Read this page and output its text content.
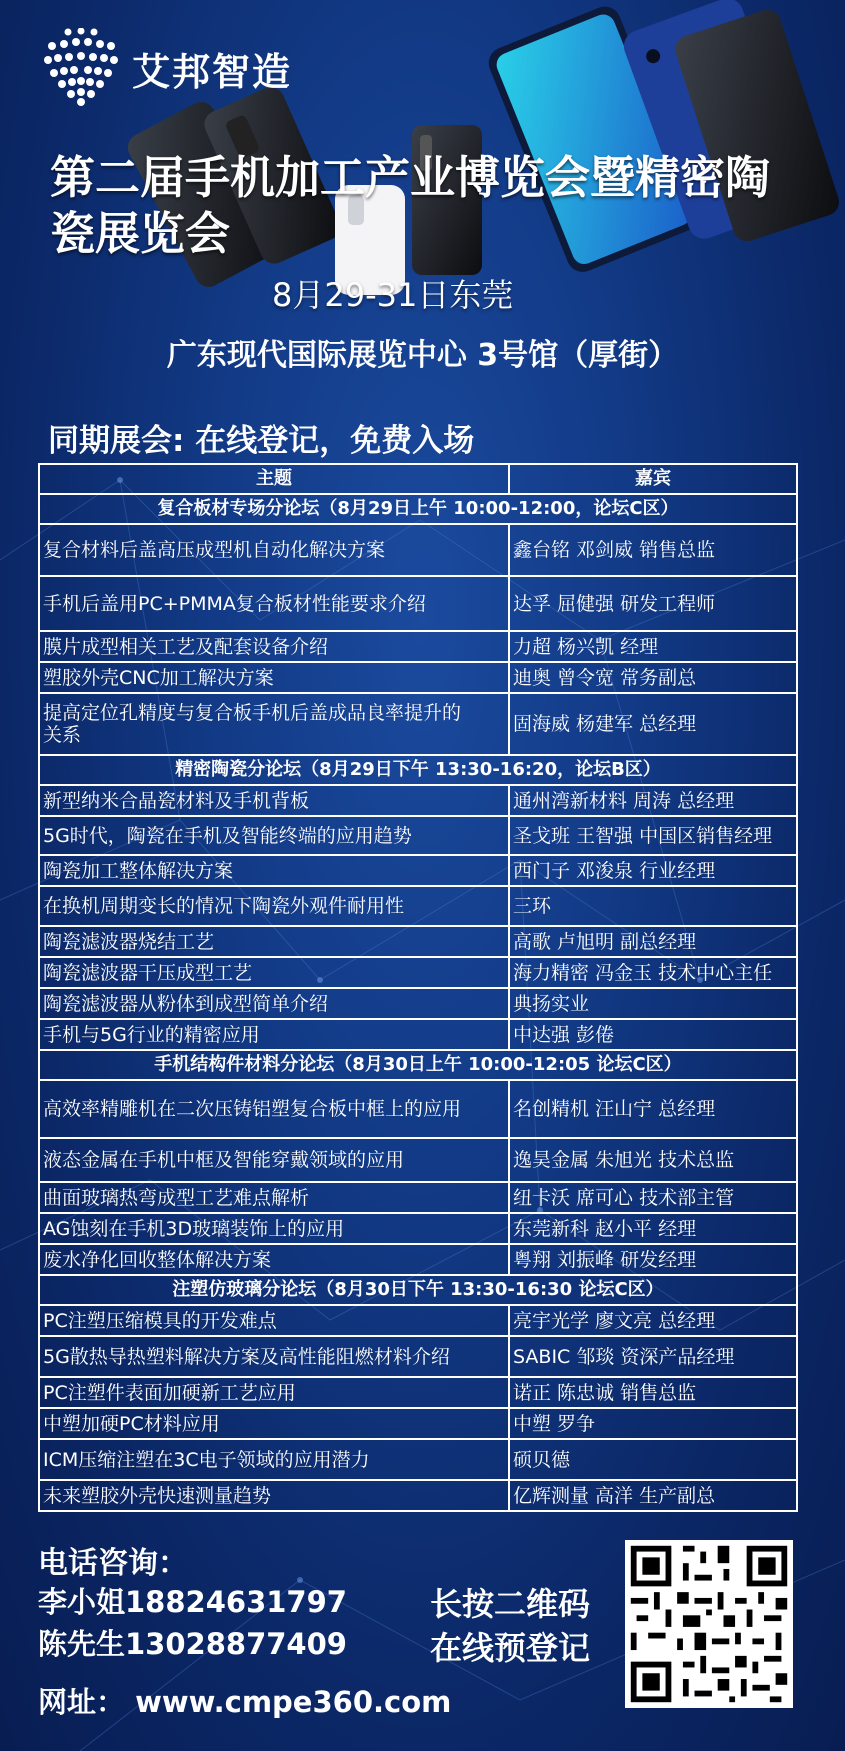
艾邦智造
第二届手机加工产业博览会暨精密陶瓷展览会
8月29-31日东莞
广东现代国际展览中心 3号馆（厚街）
同期展会: 在线登记，免费入场
主题	嘉宾
复合板材专场分论坛（8月29日上午 10:00-12:00，论坛C区）	
复合材料后盖高压成型机自动化解决方案	鑫台铭 邓剑威 销售总监
手机后盖用PC+PMMA复合板材性能要求介绍	达孚 屈健强 研发工程师
膜片成型相关工艺及配套设备介绍	力超 杨兴凯 经理
塑胶外壳CNC加工解决方案	迪奥 曾令宽 常务副总
提高定位孔精度与复合板手机后盖成品良率提升的
关系	固海威 杨建军 总经理
精密陶瓷分论坛（8月29日下午 13:30-16:20，论坛B区）	
新型纳米合晶瓷材料及手机背板	通州湾新材料 周涛 总经理
5G时代，陶瓷在手机及智能终端的应用趋势	圣戈班 王智强 中国区销售经理
陶瓷加工整体解决方案	西门子 邓浚泉 行业经理
在换机周期变长的情况下陶瓷外观件耐用性	三环
陶瓷滤波器烧结工艺	高歌 卢旭明 副总经理
陶瓷滤波器干压成型工艺	海力精密 冯金玉 技术中心主任
陶瓷滤波器从粉体到成型简单介绍	典扬实业
手机与5G行业的精密应用	中达强 彭倦
手机结构件材料分论坛（8月30日上午 10:00-12:05 论坛C区）	
高效率精雕机在二次压铸铝塑复合板中框上的应用	名创精机 汪山宁 总经理
液态金属在手机中框及智能穿戴领域的应用	逸昊金属 朱旭光 技术总监
曲面玻璃热弯成型工艺难点解析	纽卡沃 席可心 技术部主管
AG蚀刻在手机3D玻璃装饰上的应用	东莞新科 赵小平 经理
废水净化回收整体解决方案	粤翔 刘振峰 研发经理
注塑仿玻璃分论坛（8月30日下午 13:30-16:30 论坛C区）	
PC注塑压缩模具的开发难点	亮宇光学 廖文亮 总经理
5G散热导热塑料解决方案及高性能阻燃材料介绍	SABIC 邹琰 资深产品经理
PC注塑件表面加硬新工艺应用	诺正 陈忠诚 销售总监
中塑加硬PC材料应用	中塑 罗争
ICM压缩注塑在3C电子领域的应用潜力	硕贝德
未来塑胶外壳快速测量趋势	亿辉测量 高洋 生产副总
电话咨询：
李小姐18824631797
陈先生13028877409
长按二维码
在线预登记
网址： www.cmpe360.com
